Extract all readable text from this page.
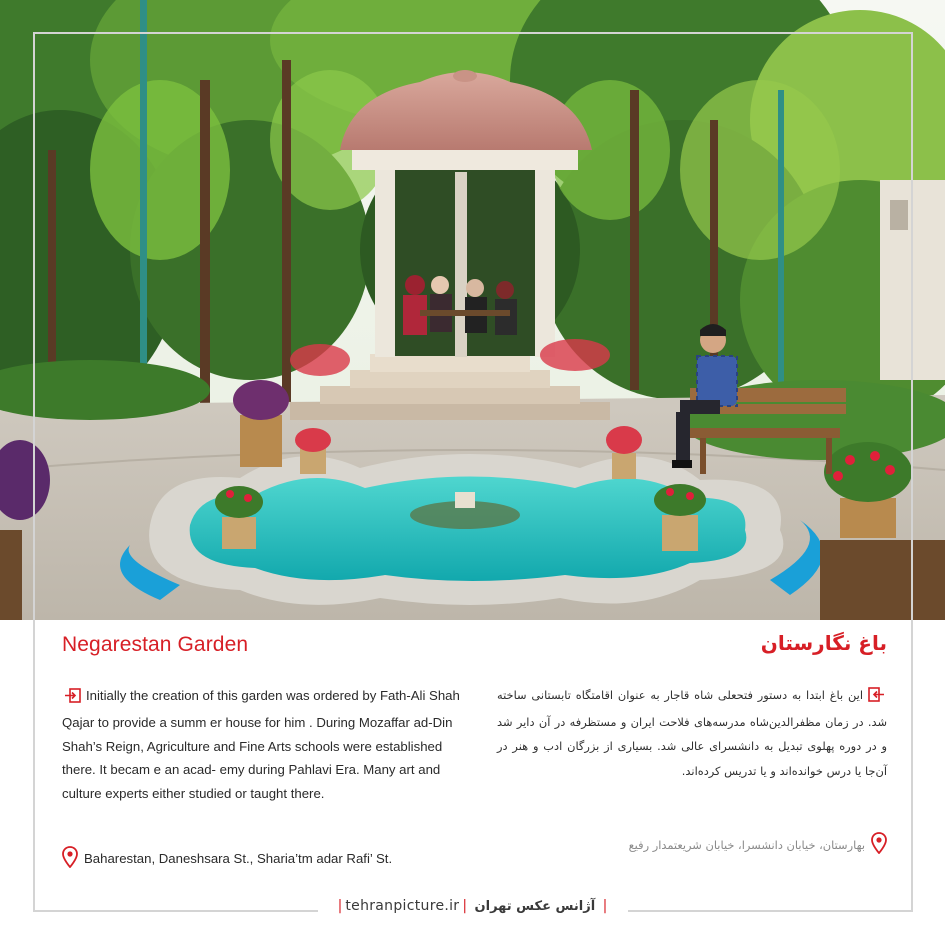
Negarestan Garden	باغ نگارستان
Initially the creation of this garden was ordered by Fath-Ali Shah Qajar to provide a summ er house for him . During Mozaffar ad-Din Shah’s Reign, Agriculture and Fine Arts schools were established there. It becam e an acad- emy during Pahlavi Era. Many art and culture experts either studied or taught there.
این باغ ابتدا به دستور فتحعلی شاه قاجار به عنوان اقامتگاه تابستانی ساخته شد. در زمان مظفرالدین‌شاه مدرسه‌های فلاحت ایران و مستظرفه در آن دایر شد و در دوره پهلوی تبدیل به دانشسرای عالی شد. بسیاری از بزرگان ادب و هنر در آن‌جا یا درس خوانده‌اند و یا تدریس کرده‌اند.
Baharestan, Daneshsara St., Sharia’tm adar Rafi’ St.
بهارستان، خیابان دانشسرا، خیابان شریعتمدار رفیع
| tehranpicture.ir | آژانس عکس تهران |
